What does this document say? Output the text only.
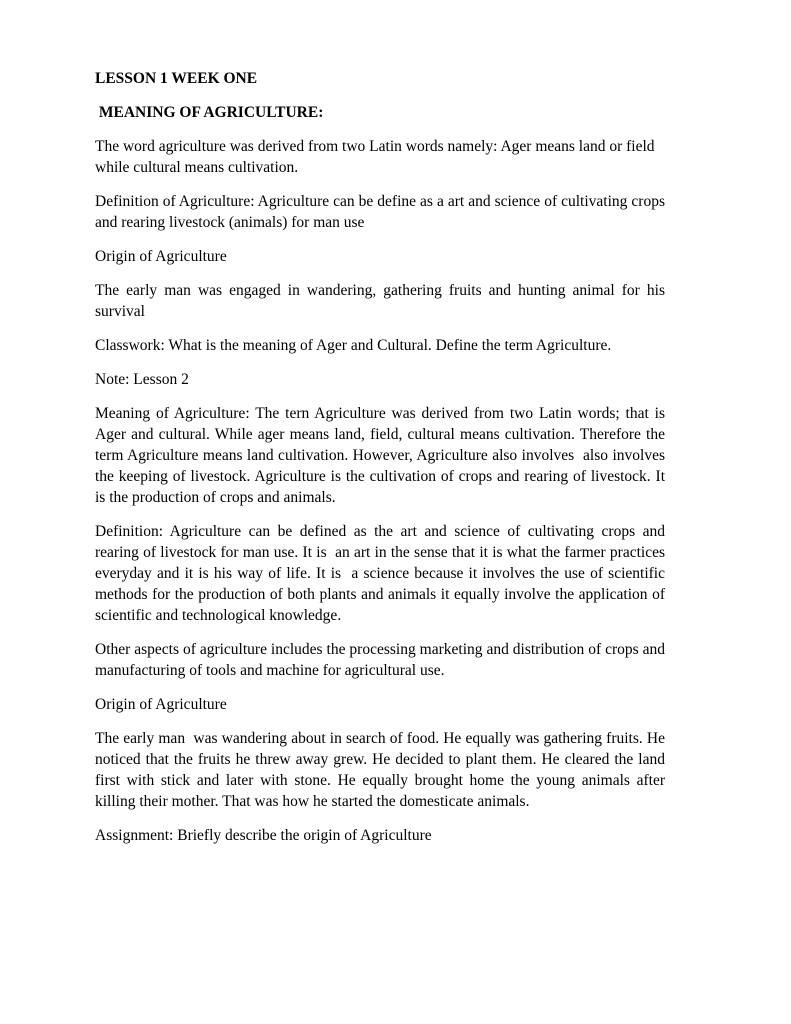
LESSON 1 WEEK ONE

MEANING OF AGRICULTURE:

The word agriculture was derived from two Latin words namely: Ager means land or field while cultural means cultivation.

Definition of Agriculture: Agriculture can be define as a art and science of cultivating crops and rearing livestock (animals) for man use

Origin of Agriculture

The early man was engaged in wandering, gathering fruits and hunting animal for his survival

Classwork: What is the meaning of Ager and Cultural. Define the term Agriculture.

Note: Lesson 2

Meaning of Agriculture: The tern Agriculture was derived from two Latin words; that is Ager and cultural. While ager means land, field, cultural means cultivation. Therefore the term Agriculture means land cultivation. However, Agriculture also involves  also involves the keeping of livestock. Agriculture is the cultivation of crops and rearing of livestock. It is the production of crops and animals.

Definition: Agriculture can be defined as the art and science of cultivating crops and rearing of livestock for man use. It is  an art in the sense that it is what the farmer practices everyday and it is his way of life. It is  a science because it involves the use of scientific methods for the production of both plants and animals it equally involve the application of scientific and technological knowledge.

Other aspects of agriculture includes the processing marketing and distribution of crops and manufacturing of tools and machine for agricultural use.

Origin of Agriculture

The early man  was wandering about in search of food. He equally was gathering fruits. He noticed that the fruits he threw away grew. He decided to plant them. He cleared the land first with stick and later with stone. He equally brought home the young animals after killing their mother. That was how he started the domesticate animals.

Assignment: Briefly describe the origin of Agriculture
